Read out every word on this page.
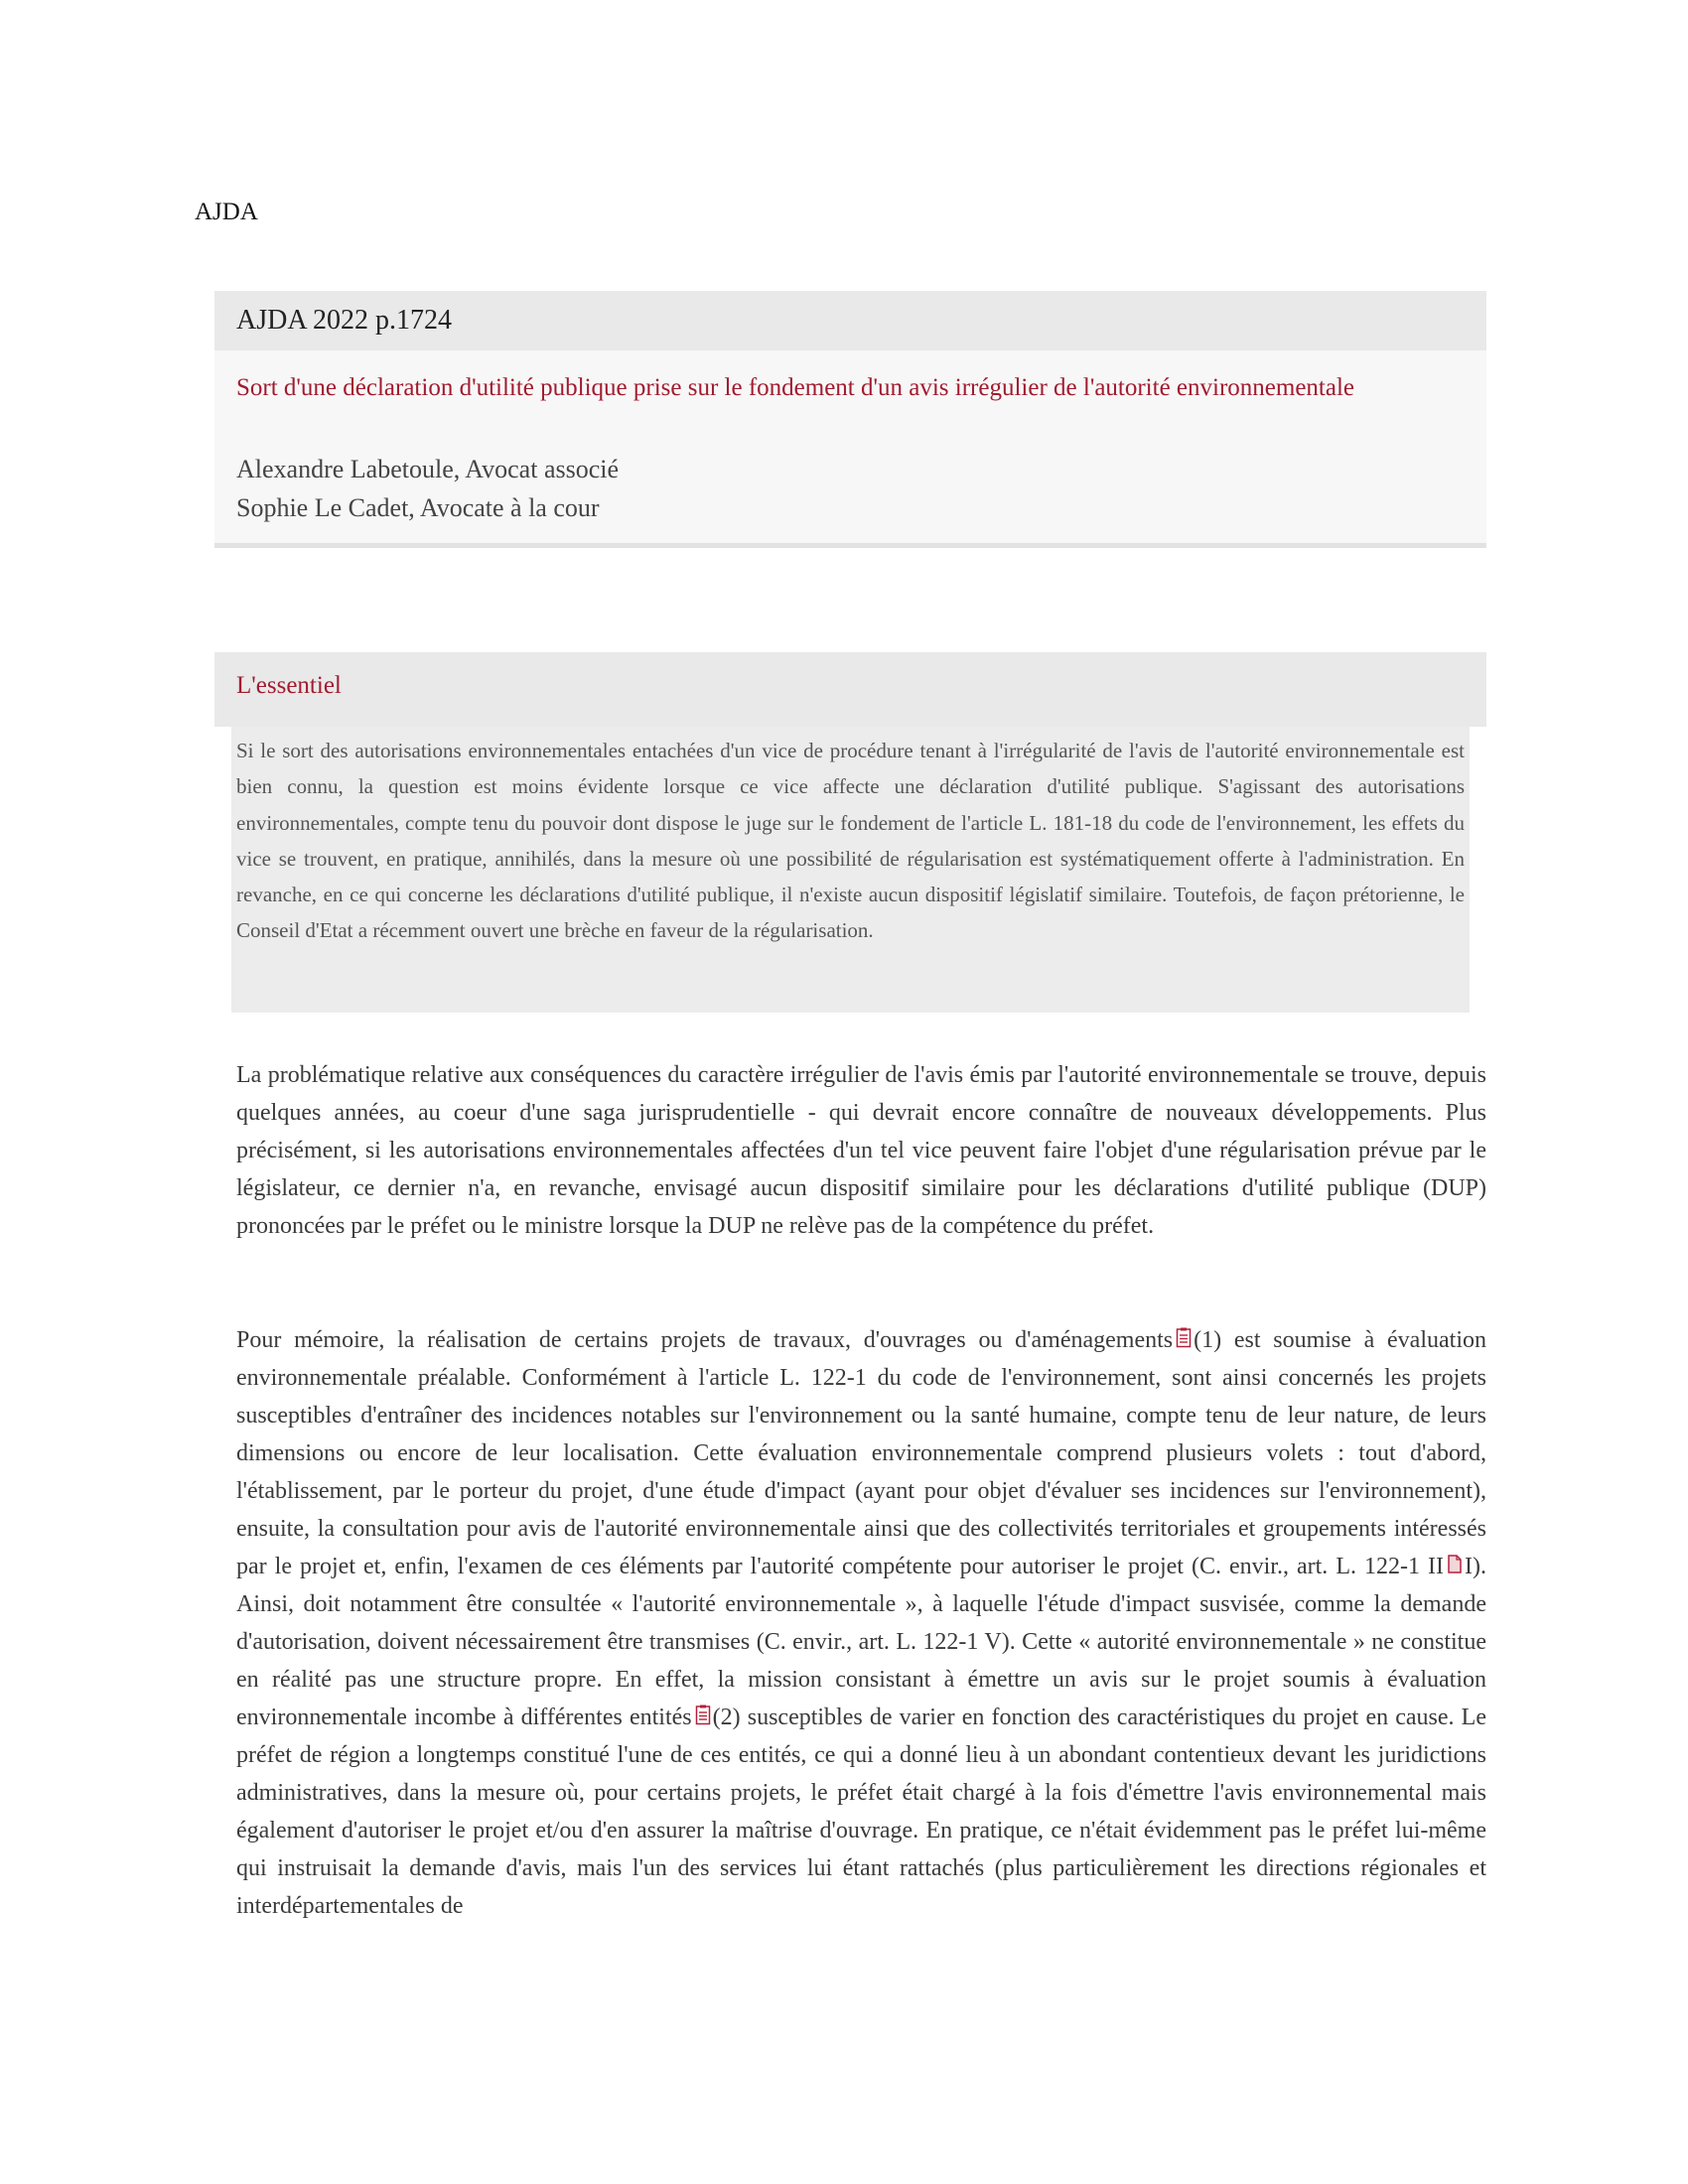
AJDA
AJDA 2022 p.1724
Sort d'une déclaration d'utilité publique prise sur le fondement d'un avis irrégulier de l'autorité environnementale
Alexandre Labetoule, Avocat associé
Sophie Le Cadet, Avocate à la cour
L'essentiel
Si le sort des autorisations environnementales entachées d'un vice de procédure tenant à l'irrégularité de l'avis de l'autorité environnementale est bien connu, la question est moins évidente lorsque ce vice affecte une déclaration d'utilité publique. S'agissant des autorisations environnementales, compte tenu du pouvoir dont dispose le juge sur le fondement de l'article L. 181-18 du code de l'environnement, les effets du vice se trouvent, en pratique, annihilés, dans la mesure où une possibilité de régularisation est systématiquement offerte à l'administration. En revanche, en ce qui concerne les déclarations d'utilité publique, il n'existe aucun dispositif législatif similaire. Toutefois, de façon prétorienne, le Conseil d'Etat a récemment ouvert une brèche en faveur de la régularisation.

La problématique relative aux conséquences du caractère irrégulier de l'avis émis par l'autorité environnementale se trouve, depuis quelques années, au coeur d'une saga jurisprudentielle - qui devrait encore connaître de nouveaux développements. Plus précisément, si les autorisations environnementales affectées d'un tel vice peuvent faire l'objet d'une régularisation prévue par le législateur, ce dernier n'a, en revanche, envisagé aucun dispositif similaire pour les déclarations d'utilité publique (DUP) prononcées par le préfet ou le ministre lorsque la DUP ne relève pas de la compétence du préfet.

Pour mémoire, la réalisation de certains projets de travaux, d'ouvrages ou d'aménagements (1) est soumise à évaluation environnementale préalable. Conformément à l'article L. 122-1 du code de l'environnement, sont ainsi concernés les projets susceptibles d'entraîner des incidences notables sur l'environnement ou la santé humaine, compte tenu de leur nature, de leurs dimensions ou encore de leur localisation. Cette évaluation environnementale comprend plusieurs volets : tout d'abord, l'établissement, par le porteur du projet, d'une étude d'impact (ayant pour objet d'évaluer ses incidences sur l'environnement), ensuite, la consultation pour avis de l'autorité environnementale ainsi que des collectivités territoriales et groupements intéressés par le projet et, enfin, l'examen de ces éléments par l'autorité compétente pour autoriser le projet (C. envir., art. L. 122-1 II I). Ainsi, doit notamment être consultée « l'autorité environnementale », à laquelle l'étude d'impact susvisée, comme la demande d'autorisation, doivent nécessairement être transmises (C. envir., art. L. 122-1 V). Cette « autorité environnementale » ne constitue en réalité pas une structure propre. En effet, la mission consistant à émettre un avis sur le projet soumis à évaluation environnementale incombe à différentes entités (2) susceptibles de varier en fonction des caractéristiques du projet en cause. Le préfet de région a longtemps constitué l'une de ces entités, ce qui a donné lieu à un abondant contentieux devant les juridictions administratives, dans la mesure où, pour certains projets, le préfet était chargé à la fois d'émettre l'avis environnemental mais également d'autoriser le projet et/ou d'en assurer la maîtrise d'ouvrage. En pratique, ce n'était évidemment pas le préfet lui-même qui instruisait la demande d'avis, mais l'un des services lui étant rattachés (plus particulièrement les directions régionales et interdépartementales de
